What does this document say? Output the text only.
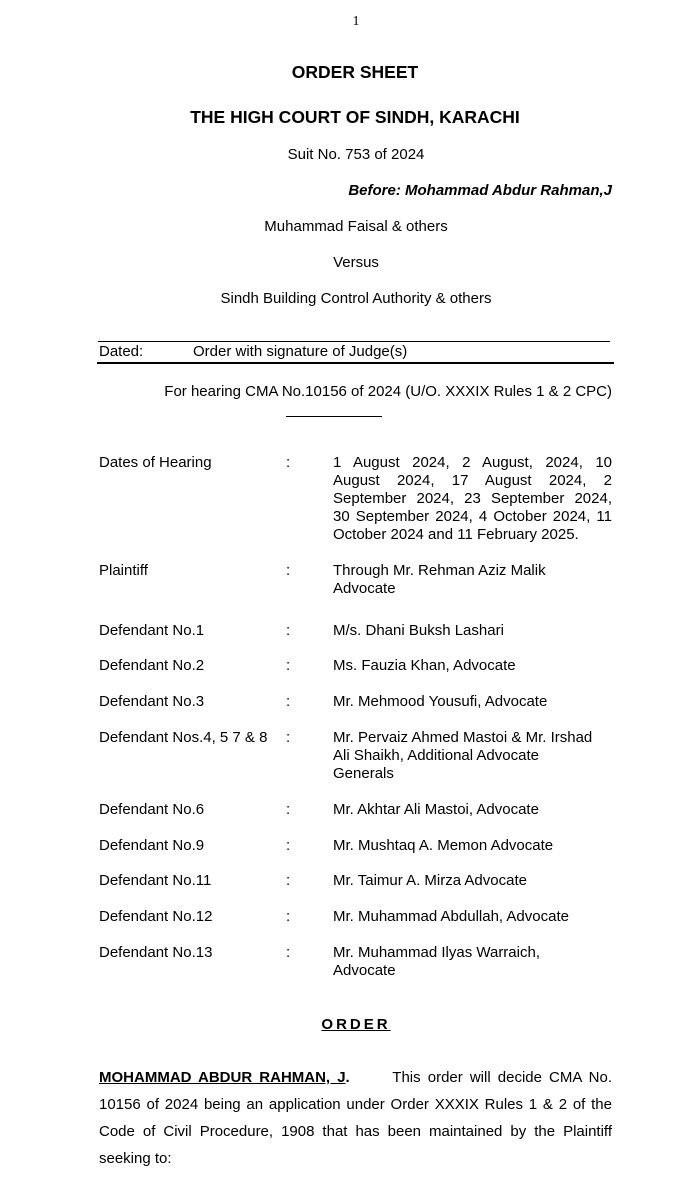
1
ORDER SHEET
THE HIGH COURT OF SINDH, KARACHI
Suit No. 753 of 2024
Before: Mohammad Abdur Rahman,J
Muhammad Faisal & others
Versus
Sindh Building Control Authority & others
Dated:	Order with signature of Judge(s)
For hearing CMA No.10156 of 2024 (U/O. XXXIX Rules 1 & 2 CPC)
Dates of Hearing	:	1 August 2024, 2 August, 2024, 10
August 2024, 17 August 2024, 2
September 2024, 23 September 2024,
30 September 2024, 4 October 2024, 11
October 2024 and 11 February 2025.
Plaintiff	:	Through Mr. Rehman Aziz Malik
Advocate
Defendant No.1	:	M/s. Dhani Buksh Lashari
Defendant No.2	:	Ms. Fauzia Khan, Advocate
Defendant No.3	:	Mr. Mehmood Yousufi, Advocate
Defendant Nos.4, 5 7 & 8 :	Mr. Pervaiz Ahmed Mastoi & Mr. Irshad
Ali Shaikh, Additional Advocate
Generals
Defendant No.6	:	Mr. Akhtar Ali Mastoi, Advocate
Defendant No.9	:	Mr. Mushtaq A. Memon Advocate
Defendant No.11	:	Mr. Taimur A. Mirza Advocate
Defendant No.12	:	Mr. Muhammad Abdullah, Advocate
Defendant No.13	:	Mr. Muhammad Ilyas Warraich,
Advocate
ORDER
MOHAMMAD ABDUR RAHMAN, J.	This order will decide CMA No. 10156 of 2024 being an application under Order XXXIX Rules 1 & 2 of the Code of Civil Procedure, 1908 that has been maintained by the Plaintiff seeking to:
